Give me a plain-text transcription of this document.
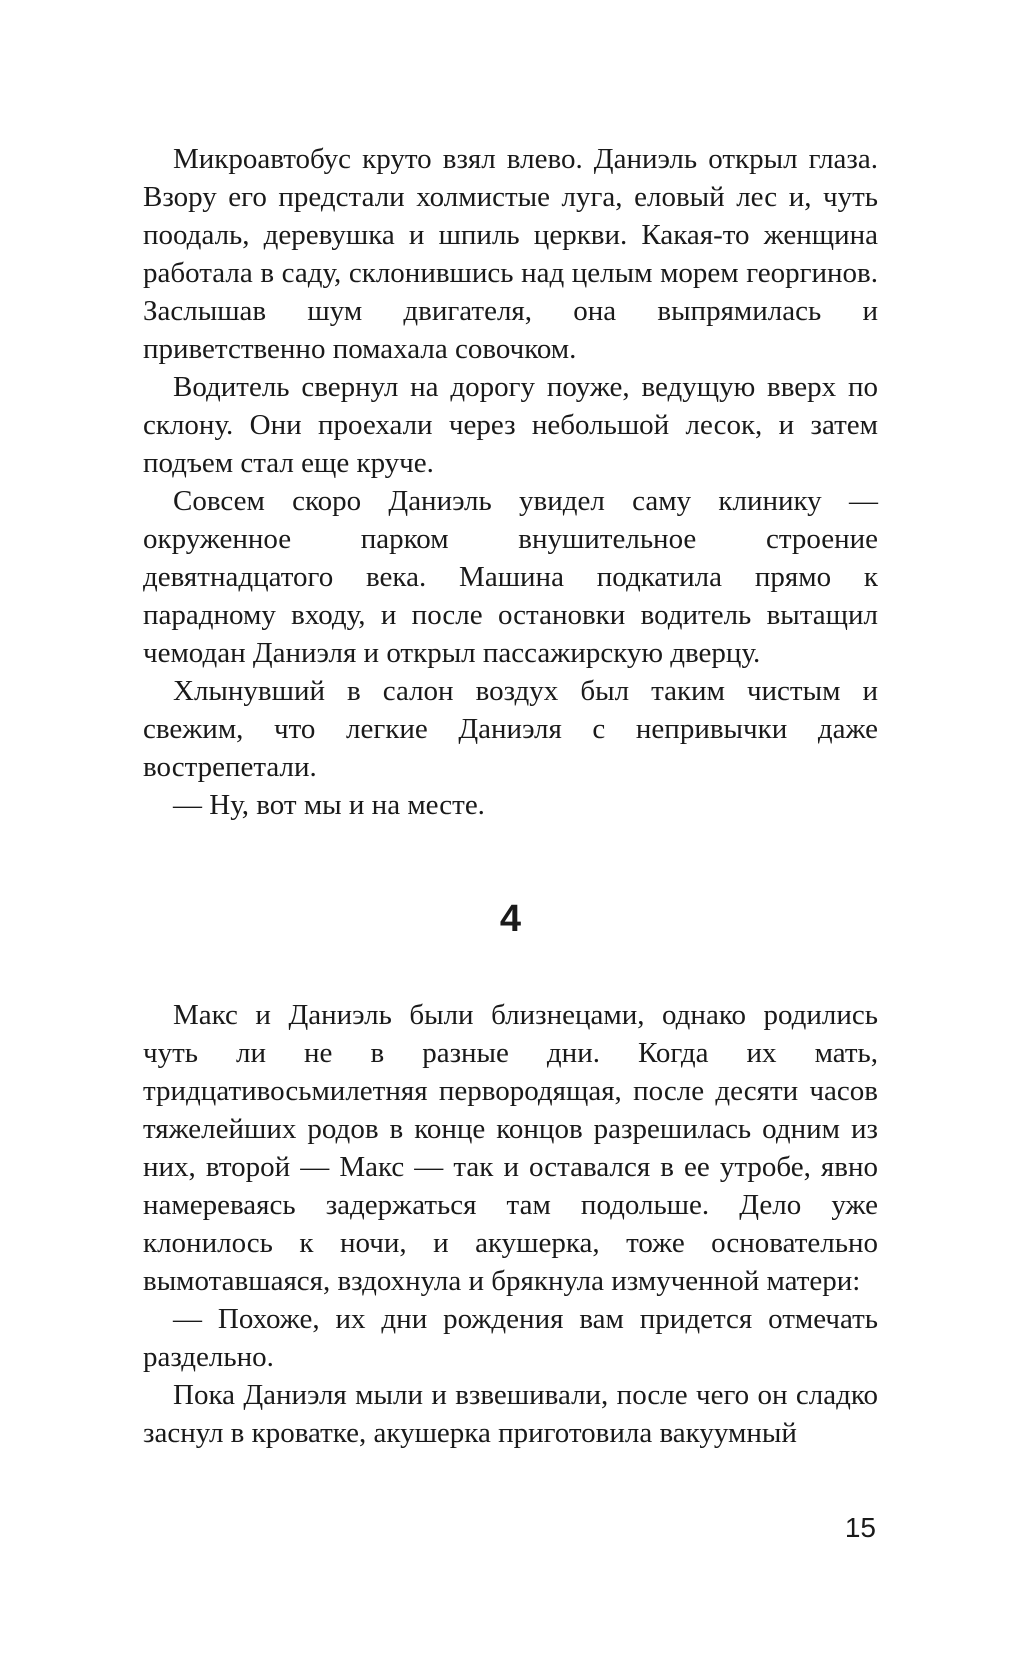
Микроавтобус круто взял влево. Даниэль открыл глаза. Взору его предстали холмистые луга, еловый лес и, чуть поодаль, деревушка и шпиль церкви. Какая-то женщина работала в саду, склонившись над целым морем георгинов. Заслышав шум двигателя, она выпрямилась и приветственно помахала совочком.

Водитель свернул на дорогу поуже, ведущую вверх по склону. Они проехали через небольшой лесок, и затем подъем стал еще круче.

Совсем скоро Даниэль увидел саму клинику — окруженное парком внушительное строение девятнадцатого века. Машина подкатила прямо к парадному входу, и после остановки водитель вытащил чемодан Даниэля и открыл пассажирскую дверцу.

Хлынувший в салон воздух был таким чистым и свежим, что легкие Даниэля с непривычки даже вострепетали.

— Ну, вот мы и на месте.

4

Макс и Даниэль были близнецами, однако родились чуть ли не в разные дни. Когда их мать, тридцативосьмилетняя первородящая, после десяти часов тяжелейших родов в конце концов разрешилась одним из них, второй — Макс — так и оставался в ее утробе, явно намереваясь задержаться там подольше. Дело уже клонилось к ночи, и акушерка, тоже основательно вымотавшаяся, вздохнула и брякнула измученной матери:

— Похоже, их дни рождения вам придется отмечать раздельно.

Пока Даниэля мыли и взвешивали, после чего он сладко заснул в кроватке, акушерка приготовила вакуумный

15
